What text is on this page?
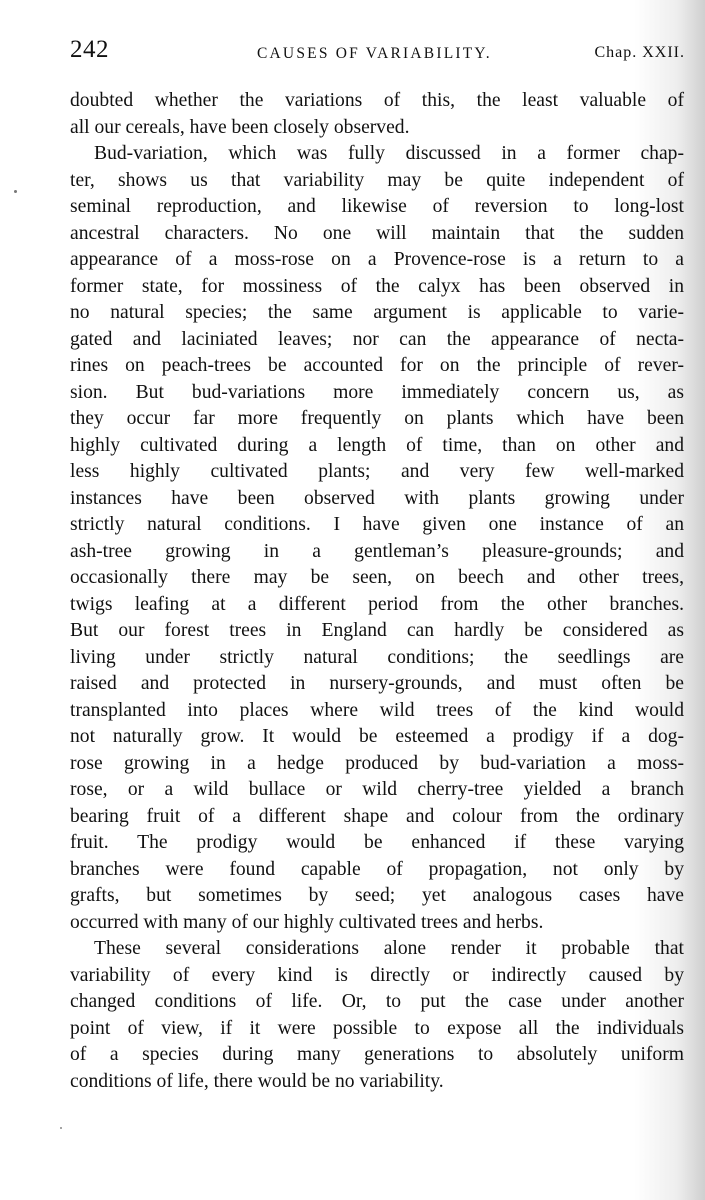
242	CAUSES OF VARIABILITY.	Chap. XXII.
doubted whether the variations of this, the least valuable of
all our cereals, have been closely observed.
Bud-variation, which was fully discussed in a former chap-
ter, shows us that variability may be quite independent of
seminal reproduction, and likewise of reversion to long-lost
ancestral characters. No one will maintain that the sudden
appearance of a moss-rose on a Provence-rose is a return to a
former state, for mossiness of the calyx has been observed in
no natural species; the same argument is applicable to varie-
gated and laciniated leaves; nor can the appearance of necta-
rines on peach-trees be accounted for on the principle of rever-
sion. But bud-variations more immediately concern us, as
they occur far more frequently on plants which have been
highly cultivated during a length of time, than on other and
less highly cultivated plants; and very few well-marked
instances have been observed with plants growing under
strictly natural conditions. I have given one instance of an
ash-tree growing in a gentleman’s pleasure-grounds; and
occasionally there may be seen, on beech and other trees,
twigs leafing at a different period from the other branches.
But our forest trees in England can hardly be considered as
living under strictly natural conditions; the seedlings are
raised and protected in nursery-grounds, and must often be
transplanted into places where wild trees of the kind would
not naturally grow. It would be esteemed a prodigy if a dog-
rose growing in a hedge produced by bud-variation a moss-
rose, or a wild bullace or wild cherry-tree yielded a branch
bearing fruit of a different shape and colour from the ordinary
fruit. The prodigy would be enhanced if these varying
branches were found capable of propagation, not only by
grafts, but sometimes by seed; yet analogous cases have
occurred with many of our highly cultivated trees and herbs.
These several considerations alone render it probable that
variability of every kind is directly or indirectly caused by
changed conditions of life. Or, to put the case under another
point of view, if it were possible to expose all the individuals
of a species during many generations to absolutely uniform
conditions of life, there would be no variability.
